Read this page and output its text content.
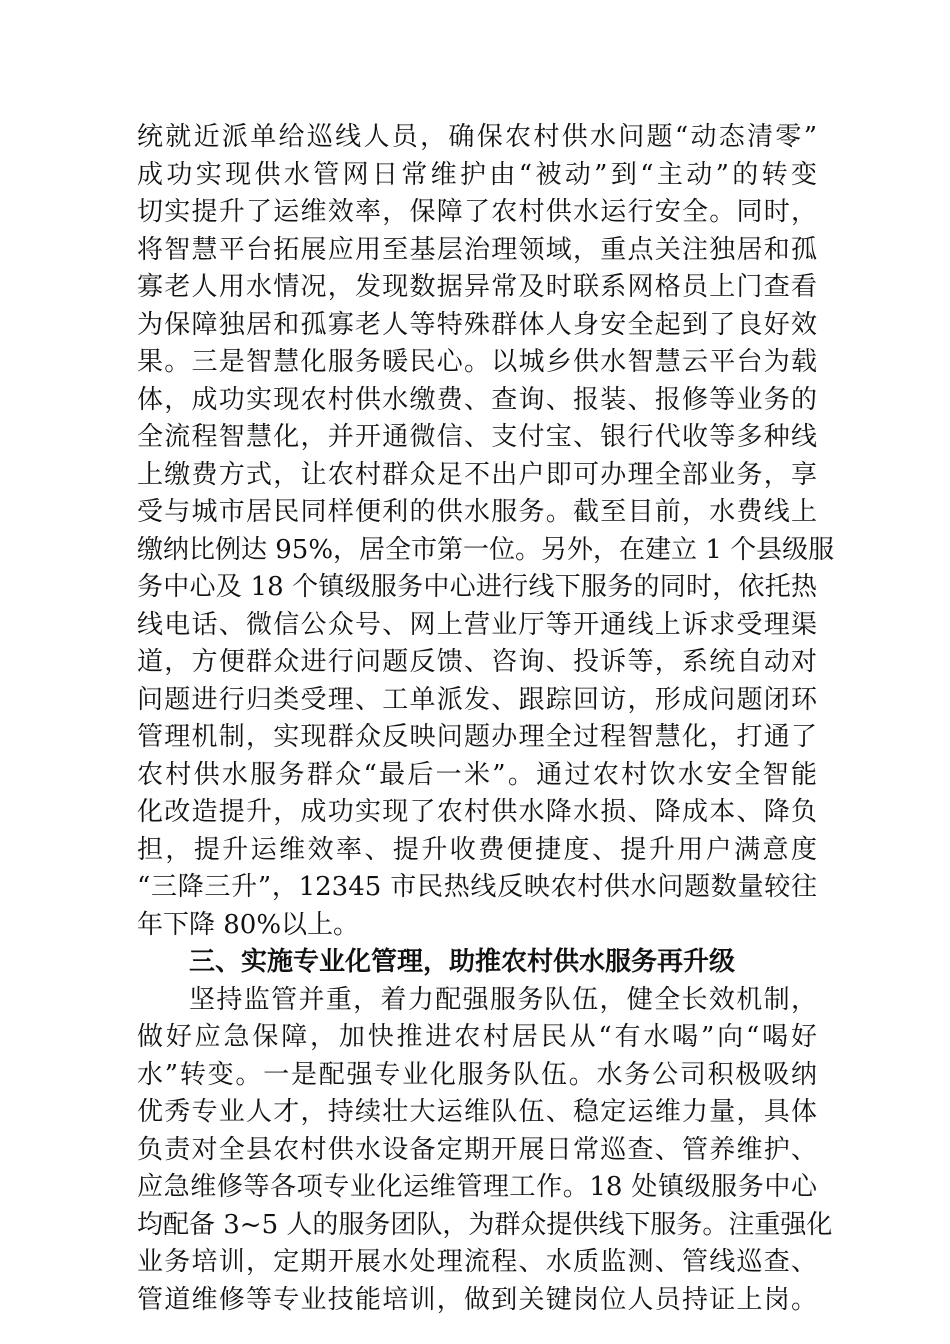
统就近派单给巡线人员，确保农村供水问题“动态清零”
成功实现供水管网日常维护由“被动”到“主动”的转变
切实提升了运维效率，保障了农村供水运行安全。同时，
将智慧平台拓展应用至基层治理领域，重点关注独居和孤
寡老人用水情况，发现数据异常及时联系网格员上门查看
为保障独居和孤寡老人等特殊群体人身安全起到了良好效
果。三是智慧化服务暖民心。以城乡供水智慧云平台为载
体，成功实现农村供水缴费、查询、报装、报修等业务的
全流程智慧化，并开通微信、支付宝、银行代收等多种线
上缴费方式，让农村群众足不出户即可办理全部业务，享
受与城市居民同样便利的供水服务。截至目前，水费线上
缴纳比例达 95%，居全市第一位。另外，在建立 1 个县级服
务中心及 18 个镇级服务中心进行线下服务的同时，依托热
线电话、微信公众号、网上营业厅等开通线上诉求受理渠
道，方便群众进行问题反馈、咨询、投诉等，系统自动对
问题进行归类受理、工单派发、跟踪回访，形成问题闭环
管理机制，实现群众反映问题办理全过程智慧化，打通了
农村供水服务群众“最后一米”。通过农村饮水安全智能
化改造提升，成功实现了农村供水降水损、降成本、降负
担，提升运维效率、提升收费便捷度、提升用户满意度
“三降三升”，12345 市民热线反映农村供水问题数量较往
年下降 80%以上。
三、实施专业化管理，助推农村供水服务再升级
坚持监管并重，着力配强服务队伍，健全长效机制，
做好应急保障，加快推进农村居民从“有水喝”向“喝好
水”转变。一是配强专业化服务队伍。水务公司积极吸纳
优秀专业人才，持续壮大运维队伍、稳定运维力量，具体
负责对全县农村供水设备定期开展日常巡查、管养维护、
应急维修等各项专业化运维管理工作。18 处镇级服务中心
均配备 3~5 人的服务团队，为群众提供线下服务。注重强化
业务培训，定期开展水处理流程、水质监测、管线巡查、
管道维修等专业技能培训，做到关键岗位人员持证上岗。
